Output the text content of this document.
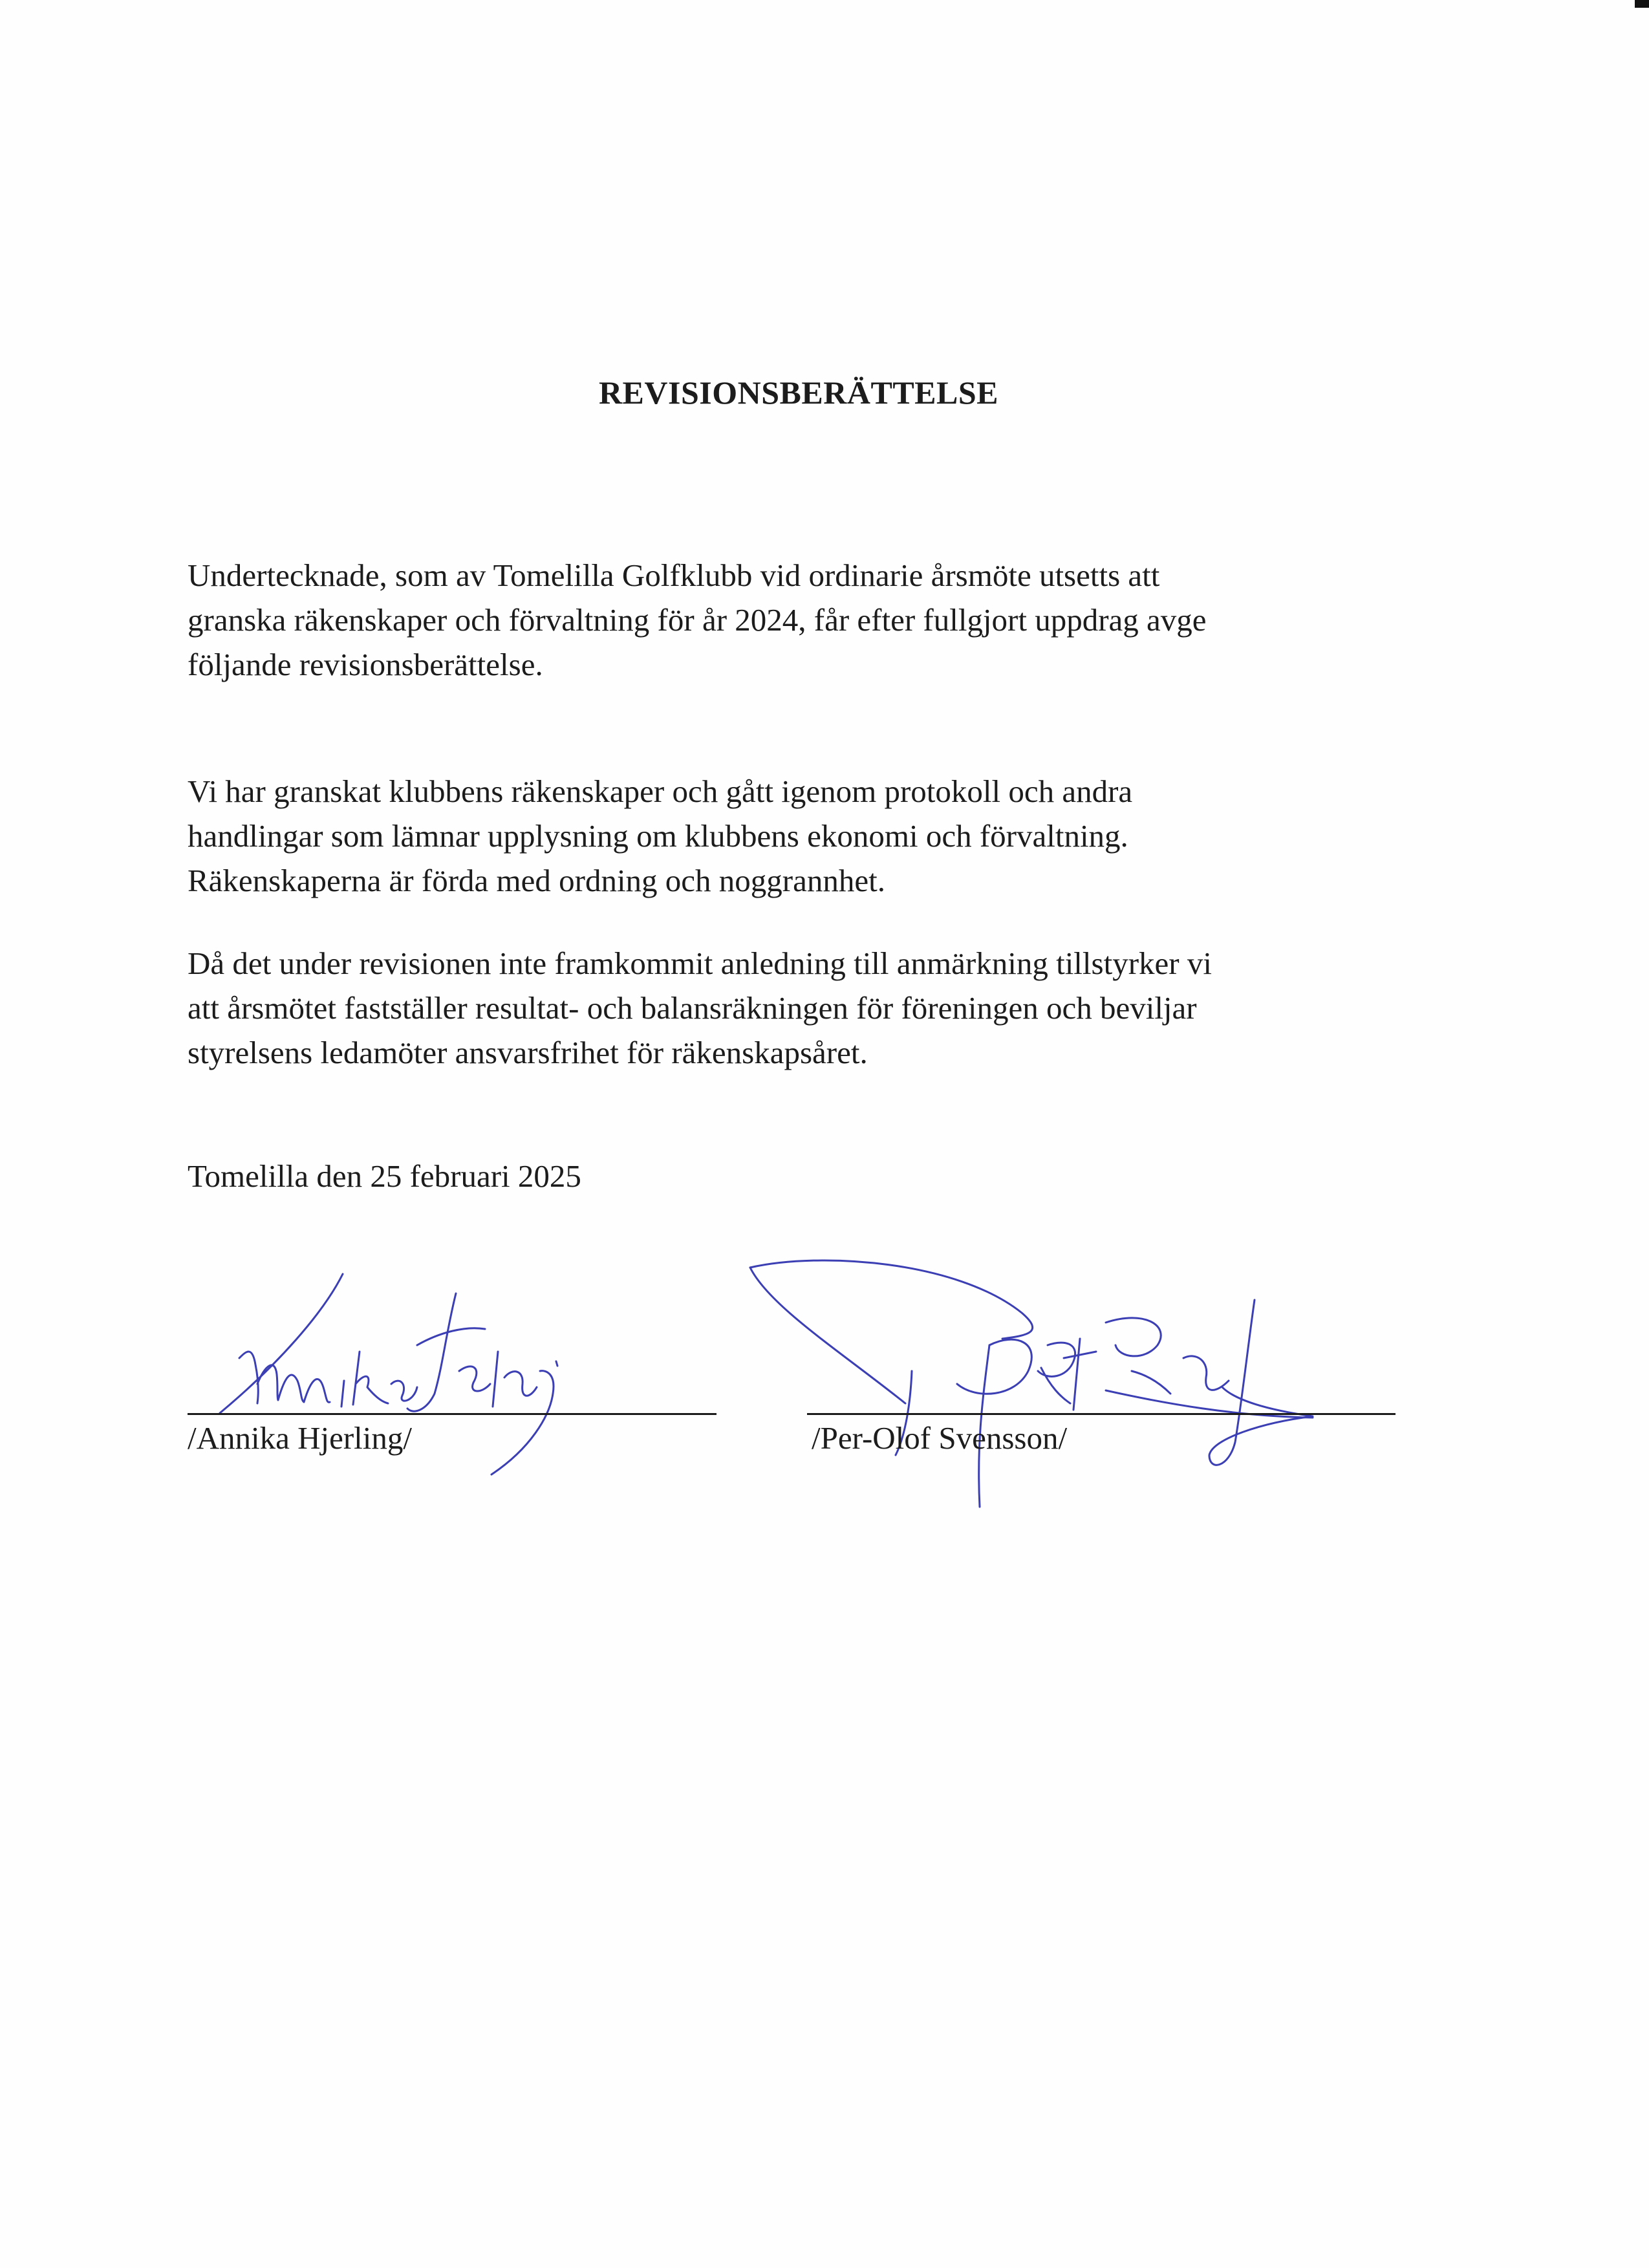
REVISIONSBERÄTTELSE

Undertecknade, som av Tomelilla Golfklubb vid ordinarie årsmöte utsetts att
granska räkenskaper och förvaltning för år 2024, får efter fullgjort uppdrag avge
följande revisionsberättelse.

Vi har granskat klubbens räkenskaper och gått igenom protokoll och andra
handlingar som lämnar upplysning om klubbens ekonomi och förvaltning.
Räkenskaperna är förda med ordning och noggrannhet.

Då det under revisionen inte framkommit anledning till anmärkning tillstyrker vi
att årsmötet fastställer resultat- och balansräkningen för föreningen och beviljar
styrelsens ledamöter ansvarsfrihet för räkenskapsåret.

Tomelilla den 25 februari 2025

/Annika Hjerling/	/Per-Olof Svensson/
